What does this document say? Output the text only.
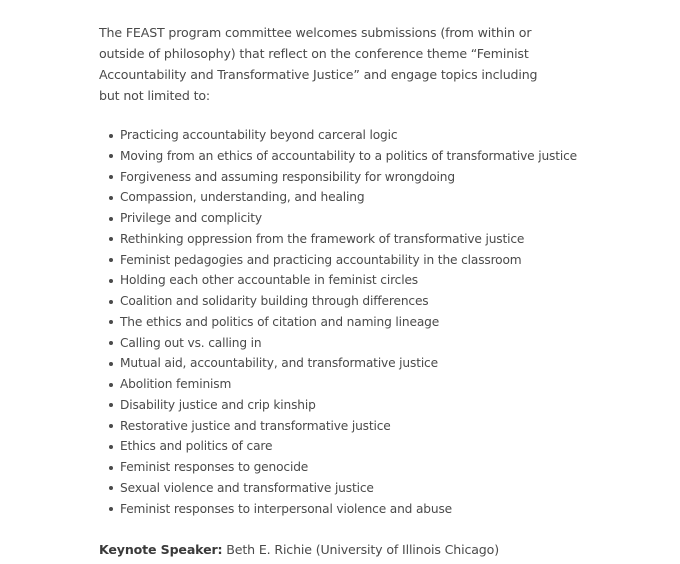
The FEAST program committee welcomes submissions (from within or outside of philosophy) that reflect on the conference theme “Feminist Accountability and Transformative Justice” and engage topics including but not limited to:

Practicing accountability beyond carceral logic
Moving from an ethics of accountability to a politics of transformative justice
Forgiveness and assuming responsibility for wrongdoing
Compassion, understanding, and healing
Privilege and complicity
Rethinking oppression from the framework of transformative justice
Feminist pedagogies and practicing accountability in the classroom
Holding each other accountable in feminist circles
Coalition and solidarity building through differences
The ethics and politics of citation and naming lineage
Calling out vs. calling in
Mutual aid, accountability, and transformative justice
Abolition feminism
Disability justice and crip kinship
Restorative justice and transformative justice
Ethics and politics of care
Feminist responses to genocide
Sexual violence and transformative justice
Feminist responses to interpersonal violence and abuse

Keynote Speaker: Beth E. Richie (University of Illinois Chicago)
